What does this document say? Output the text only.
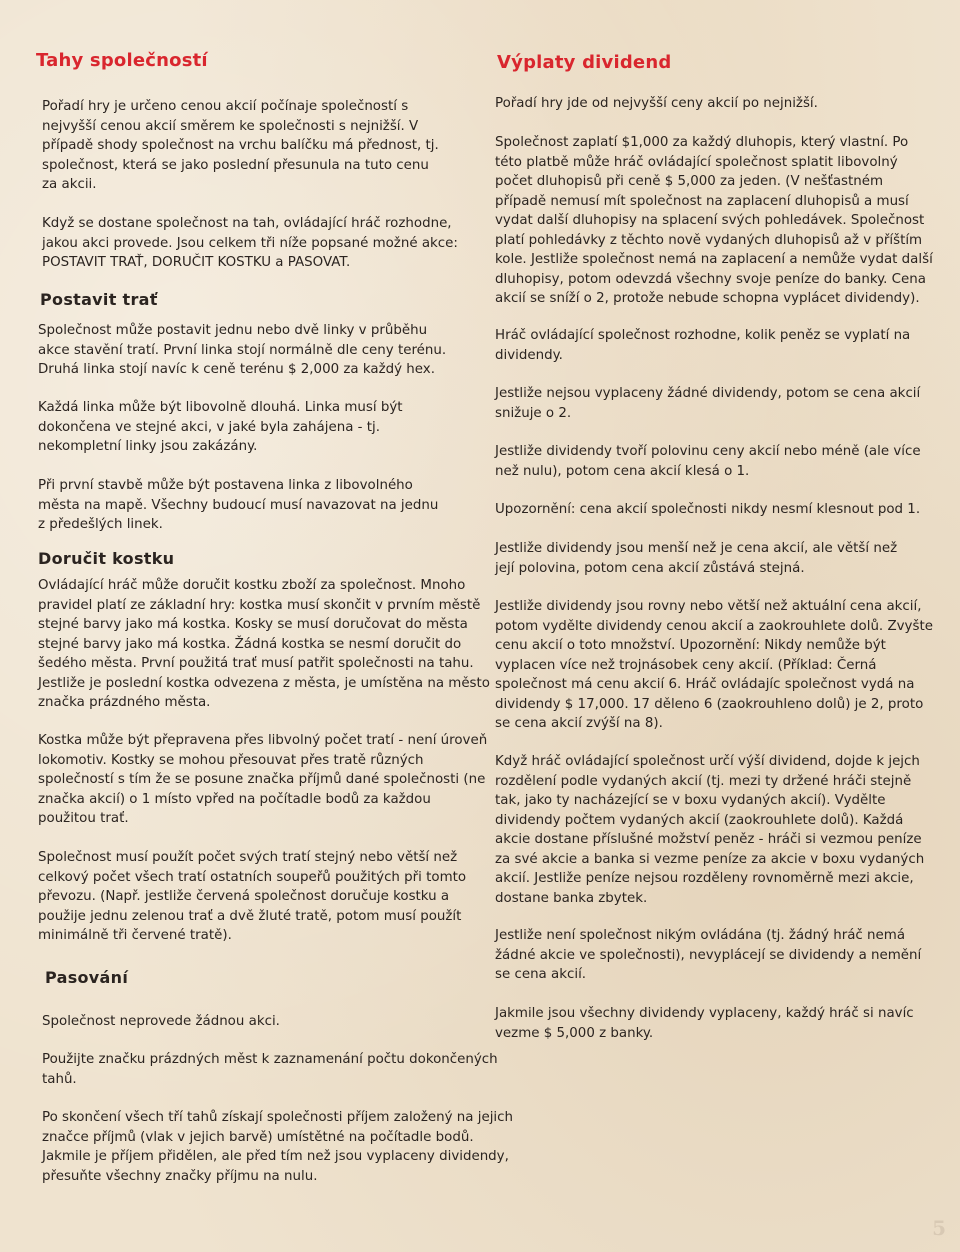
Tahy společností

Pořadí hry je určeno cenou akcií počínaje společností s nejvyšší cenou akcií směrem ke společnosti s nejnižší. V případě shody společnost na vrchu balíčku má přednost, tj. společnost, která se jako poslední přesunula na tuto cenu za akcii.

Když se dostane společnost na tah, ovládající hráč rozhodne, jakou akci provede. Jsou celkem tři níže popsané možné akce: POSTAVIT TRAŤ, DORUČIT KOSTKU a PASOVAT.

Postavit trať

Společnost může postavit jednu nebo dvě linky v průběhu akce stavění tratí. První linka stojí normálně dle ceny terénu. Druhá linka stojí navíc k ceně terénu $ 2,000 za každý hex.

Každá linka může být libovolně dlouhá. Linka musí být dokončena ve stejné akci, v jaké byla zahájena - tj. nekompletní linky jsou zakázány.

Při první stavbě může být postavena linka z libovolného města na mapě. Všechny budoucí musí navazovat na jednu z předešlých linek.

Doručit kostku

Ovládající hráč může doručit kostku zboží za společnost. Mnoho pravidel platí ze základní hry: kostka musí skončit v prvním městě stejné barvy jako má kostka. Kosky se musí doručovat do města stejné barvy jako má kostka. Žádná kostka se nesmí doručit do šedého města. První použitá trať musí patřit společnosti na tahu. Jestliže je poslední kostka odvezena z města, je umístěna na město značka prázdného města.

Kostka může být přepravena přes libvolný počet tratí - není úroveň lokomotiv. Kostky se mohou přesouvat přes tratě různých společností s tím že se posune značka příjmů dané společnosti (ne značka akcií) o 1 místo vpřed na počítadle bodů za každou použitou trať.

Společnost musí použít počet svých tratí stejný nebo větší než celkový počet všech tratí ostatních soupeřů použitých při tomto převozu. (Např. jestliže červená společnost doručuje kostku a použije jednu zelenou trať a dvě žluté tratě, potom musí použít minimálně tři červené tratě).

Pasování

Společnost neprovede žádnou akci.

Použijte značku prázdných měst k zaznamenání počtu dokončených tahů.

Po skončení všech tří tahů získají společnosti příjem založený na jejich značce příjmů (vlak v jejich barvě) umístětné na počítadle bodů. Jakmile je příjem přidělen, ale před tím než jsou vyplaceny dividendy, přesuňte všechny značky příjmu na nulu.

Výplaty dividend

Pořadí hry jde od nejvyšší ceny akcií po nejnižší.

Společnost zaplatí $1,000 za každý dluhopis, který vlastní. Po této platbě může hráč ovládající společnost splatit libovolný počet dluhopisů při ceně $ 5,000 za jeden. (V nešťastném případě nemusí mít společnost na zaplacení dluhopisů a musí vydat další dluhopisy na splacení svých pohledávek. Společnost platí pohledávky z těchto nově vydaných dluhopisů až v příštím kole. Jestliže společnost nemá na zaplacení a nemůže vydat další dluhopisy, potom odevzdá všechny svoje peníze do banky. Cena akcií se sníží o 2, protože nebude schopna vyplácet dividendy).

Hráč ovládající společnost rozhodne, kolik peněz se vyplatí na dividendy.

Jestliže nejsou vyplaceny žádné dividendy, potom se cena akcií snižuje o 2.

Jestliže dividendy tvoří polovinu ceny akcií nebo méně (ale více než nulu), potom cena akcií klesá o 1.

Upozornění: cena akcií společnosti nikdy nesmí klesnout pod 1.

Jestliže dividendy jsou menší než je cena akcií, ale větší než její polovina, potom cena akcií zůstává stejná.

Jestliže dividendy jsou rovny nebo větší než aktuální cena akcií, potom vydělte dividendy cenou akcií a zaokrouhlete dolů. Zvyšte cenu akcií o toto množství. Upozornění: Nikdy nemůže být vyplacen více než trojnásobek ceny akcií. (Příklad: Černá společnost má cenu akcií 6. Hráč ovládajíc společnost vydá na dividendy $ 17,000. 17 děleno 6 (zaokrouhleno dolů) je 2, proto se cena akcií zvýší na 8).

Když hráč ovládající společnost určí výší dividend, dojde k jejch rozdělení podle vydaných akcií (tj. mezi ty držené hráči stejně tak, jako ty nacházející se v boxu vydaných akcií). Vydělte dividendy počtem vydaných akcií (zaokrouhlete dolů). Každá akcie dostane příslušné možství peněz - hráči si vezmou peníze za své akcie a banka si vezme peníze za akcie v boxu vydaných akcií. Jestliže peníze nejsou rozděleny rovnoměrně mezi akcie, dostane banka zbytek.

Jestliže není společnost nikým ovládána (tj. žádný hráč nemá žádné akcie ve společnosti), nevyplácejí se dividendy a nemění se cena akcií.

Jakmile jsou všechny dividendy vyplaceny, každý hráč si navíc vezme $ 5,000 z banky.

5
